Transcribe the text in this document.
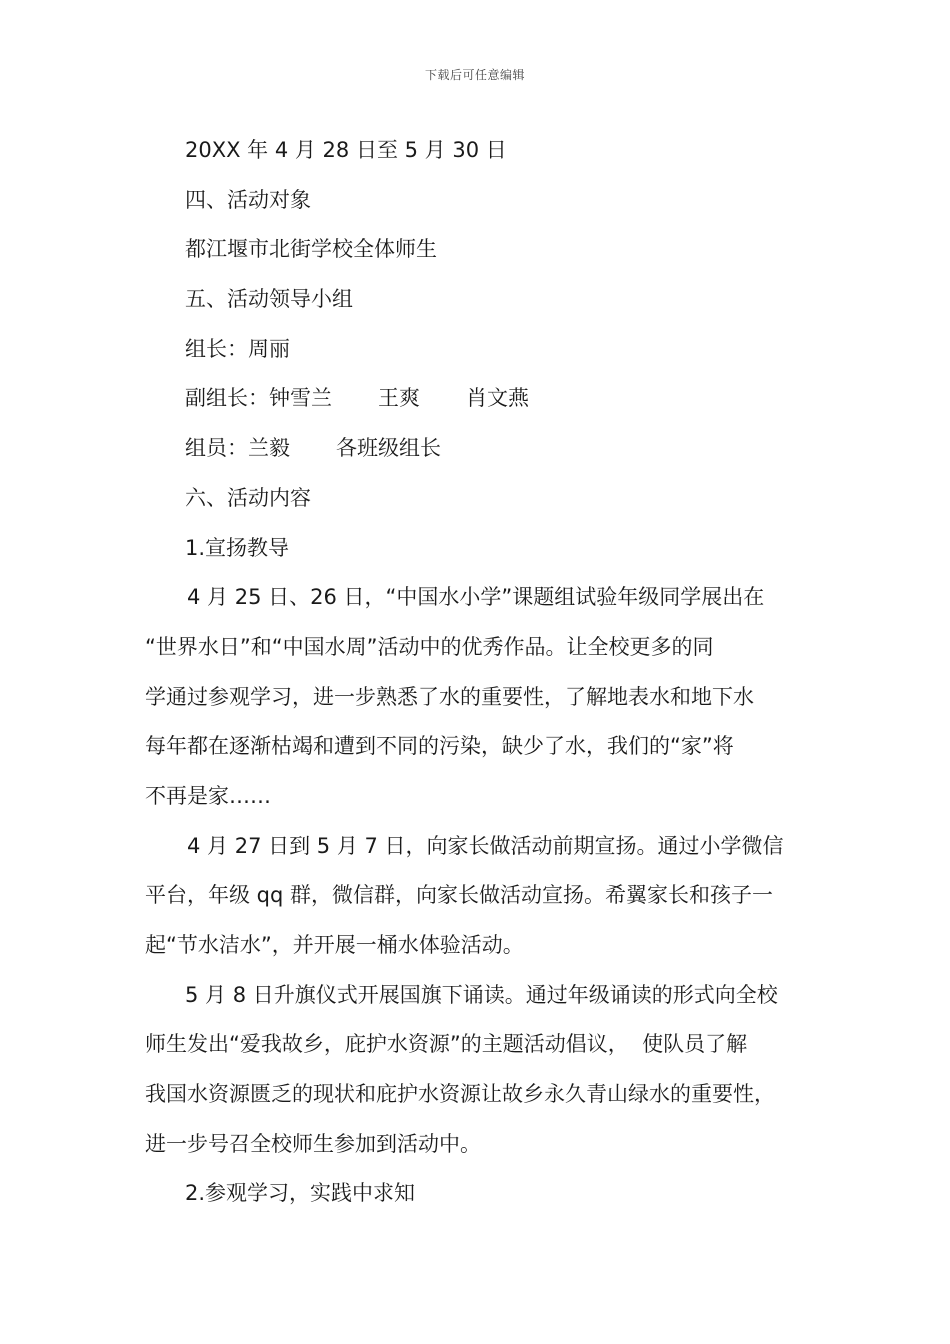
下载后可任意编辑
20XX 年 4 月 28 日至 5 月 30 日
四、活动对象
都江堰市北街学校全体师生
五、活动领导小组
组长：周丽
副组长：钟雪兰 王爽 肖文燕
组员：兰毅 各班级组长
六、活动内容
1.宣扬教导
4 月 25 日、26 日，“中国水小学”课题组试验年级同学展出在
“世界水日”和“中国水周”活动中的优秀作品。让全校更多的同
学通过参观学习，进一步熟悉了水的重要性，了解地表水和地下水
每年都在逐渐枯竭和遭到不同的污染，缺少了水，我们的“家”将
不再是家……
4 月 27 日到 5 月 7 日，向家长做活动前期宣扬。通过小学微信
平台，年级 qq 群，微信群，向家长做活动宣扬。希翼家长和孩子一
起“节水洁水”，并开展一桶水体验活动。
5 月 8 日升旗仪式开展国旗下诵读。通过年级诵读的形式向全校
师生发出“爱我故乡，庇护水资源”的主题活动倡议，  使队员了解
我国水资源匮乏的现状和庇护水资源让故乡永久青山绿水的重要性，
进一步号召全校师生参加到活动中。
2.参观学习，实践中求知
